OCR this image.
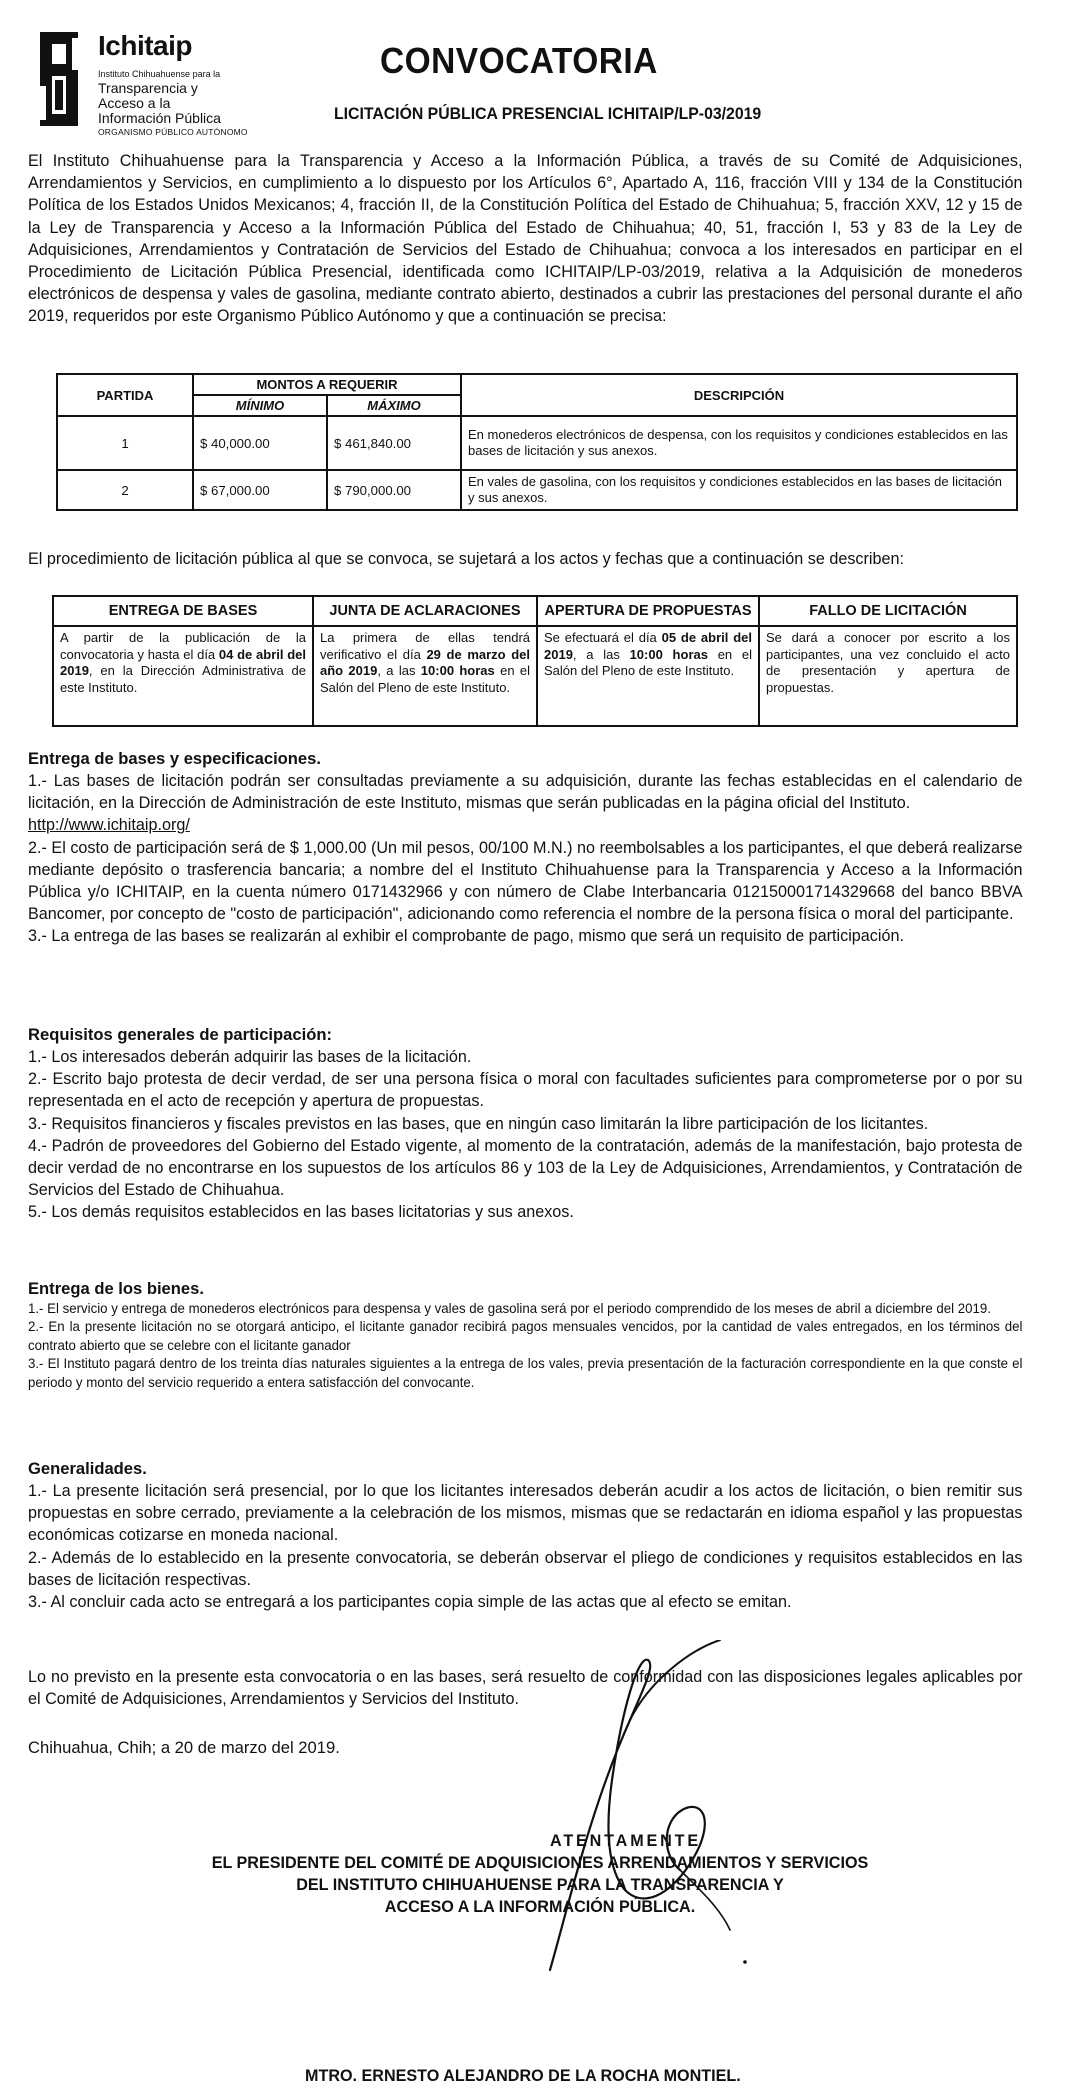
Ichitaip
Instituto Chihuahuense para la
Transparencia y
Acceso a la
Información Pública
ORGANISMO PÚBLICO AUTÓNOMO
CONVOCATORIA
LICITACIÓN PÚBLICA PRESENCIAL ICHITAIP/LP-03/2019
El Instituto Chihuahuense para la Transparencia y Acceso a la Información Pública, a través de su Comité de Adquisiciones, Arrendamientos y Servicios, en cumplimiento a lo dispuesto por los Artículos 6°, Apartado A, 116, fracción VIII y 134 de la Constitución Política de los Estados Unidos Mexicanos; 4, fracción II, de la Constitución Política del Estado de Chihuahua; 5, fracción XXV, 12 y 15 de la Ley de Transparencia y Acceso a la Información Pública del Estado de Chihuahua; 40, 51, fracción I, 53 y 83 de la Ley de Adquisiciones, Arrendamientos y Contratación de Servicios del Estado de Chihuahua; convoca a los interesados en participar en el Procedimiento de Licitación Pública Presencial, identificada como ICHITAIP/LP-03/2019, relativa a la Adquisición de monederos electrónicos de despensa y vales de gasolina, mediante contrato abierto, destinados a cubrir las prestaciones del personal durante el año 2019, requeridos por este Organismo Público Autónomo y que a continuación se precisa:
PARTIDA	MONTOS A REQUERIR		DESCRIPCIÓN
	MÍNIMO	MÁXIMO	
1	$ 40,000.00	$ 461,840.00	En monederos electrónicos de despensa, con los requisitos y condiciones establecidos en las bases de licitación y sus anexos.
2	$ 67,000.00	$ 790,000.00	En vales de gasolina, con los requisitos y condiciones establecidos en las bases de licitación y sus anexos.
El procedimiento de licitación pública al que se convoca, se sujetará a los actos y fechas que a continuación se describen:
ENTREGA DE BASES	JUNTA DE ACLARACIONES	APERTURA DE PROPUESTAS	FALLO DE LICITACIÓN
A partir de la publicación de la convocatoria y hasta el día 04 de abril del 2019, en la Dirección Administrativa de este Instituto.	La primera de ellas tendrá verificativo el día 29 de marzo del año 2019, a las 10:00 horas en el Salón del Pleno de este Instituto.	Se efectuará el día 05 de abril del 2019, a las 10:00 horas en el Salón del Pleno de este Instituto.	Se dará a conocer por escrito a los participantes, una vez concluido el acto de presentación y apertura de propuestas.
Entrega de bases y especificaciones.

1.- Las bases de licitación podrán ser consultadas previamente a su adquisición, durante las fechas establecidas en el calendario de licitación, en la Dirección de Administración de este Instituto, mismas que serán publicadas en la página oficial del Instituto.
http://www.ichitaip.org/

2.- El costo de participación será de $ 1,000.00 (Un mil pesos, 00/100 M.N.) no reembolsables a los participantes, el que deberá realizarse mediante depósito o trasferencia bancaria; a nombre del el Instituto Chihuahuense para la Transparencia y Acceso a la Información Pública y/o ICHITAIP, en la cuenta número 0171432966 y con número de Clabe Interbancaria 012150001714329668 del banco BBVA Bancomer, por concepto de "costo de participación", adicionando como referencia el nombre de la persona física o moral del participante.

3.- La entrega de las bases se realizarán al exhibir el comprobante de pago, mismo que será un requisito de participación.

Requisitos generales de participación:

1.- Los interesados deberán adquirir las bases de la licitación.

2.- Escrito bajo protesta de decir verdad, de ser una persona física o moral con facultades suficientes para comprometerse por o por su representada en el acto de recepción y apertura de propuestas.

3.- Requisitos financieros y fiscales previstos en las bases, que en ningún caso limitarán la libre participación de los licitantes.

4.- Padrón de proveedores del Gobierno del Estado vigente, al momento de la contratación, además de la manifestación, bajo protesta de decir verdad de no encontrarse en los supuestos de los artículos 86 y 103 de la Ley de Adquisiciones, Arrendamientos, y Contratación de Servicios del Estado de Chihuahua.

5.- Los demás requisitos establecidos en las bases licitatorias y sus anexos.

Entrega de los bienes.

1.- El servicio y entrega de monederos electrónicos para despensa y vales de gasolina será por el periodo comprendido de los meses de abril a diciembre del 2019.

2.- En la presente licitación no se otorgará anticipo, el licitante ganador recibirá pagos mensuales vencidos, por la cantidad de vales entregados, en los términos del contrato abierto que se celebre con el licitante ganador

3.- El Instituto pagará dentro de los treinta días naturales siguientes a la entrega de los vales, previa presentación de la facturación correspondiente en la que conste el periodo y monto del servicio requerido a entera satisfacción del convocante.

Generalidades.

1.- La presente licitación será presencial, por lo que los licitantes interesados deberán acudir a los actos de licitación, o bien remitir sus propuestas en sobre cerrado, previamente a la celebración de los mismos, mismas que se redactarán en idioma español y las propuestas económicas cotizarse en moneda nacional.

2.- Además de lo establecido en la presente convocatoria, se deberán observar el pliego de condiciones y requisitos establecidos en las bases de licitación respectivas.

3.- Al concluir cada acto se entregará a los participantes copia simple de las actas que al efecto se emitan.

Lo no previsto en la presente esta convocatoria o en las bases, será resuelto de conformidad con las disposiciones legales aplicables por el Comité de Adquisiciones, Arrendamientos y Servicios del Instituto.
Chihuahua, Chih; a 20 de marzo del 2019.
ATENTAMENTE
EL PRESIDENTE DEL COMITÉ DE ADQUISICIONES ARRENDAMIENTOS Y SERVICIOS
DEL INSTITUTO CHIHUAHUENSE PARA LA TRANSPARENCIA Y
ACCESO A LA INFORMACIÓN PÚBLICA.
MTRO. ERNESTO ALEJANDRO DE LA ROCHA MONTIEL.
